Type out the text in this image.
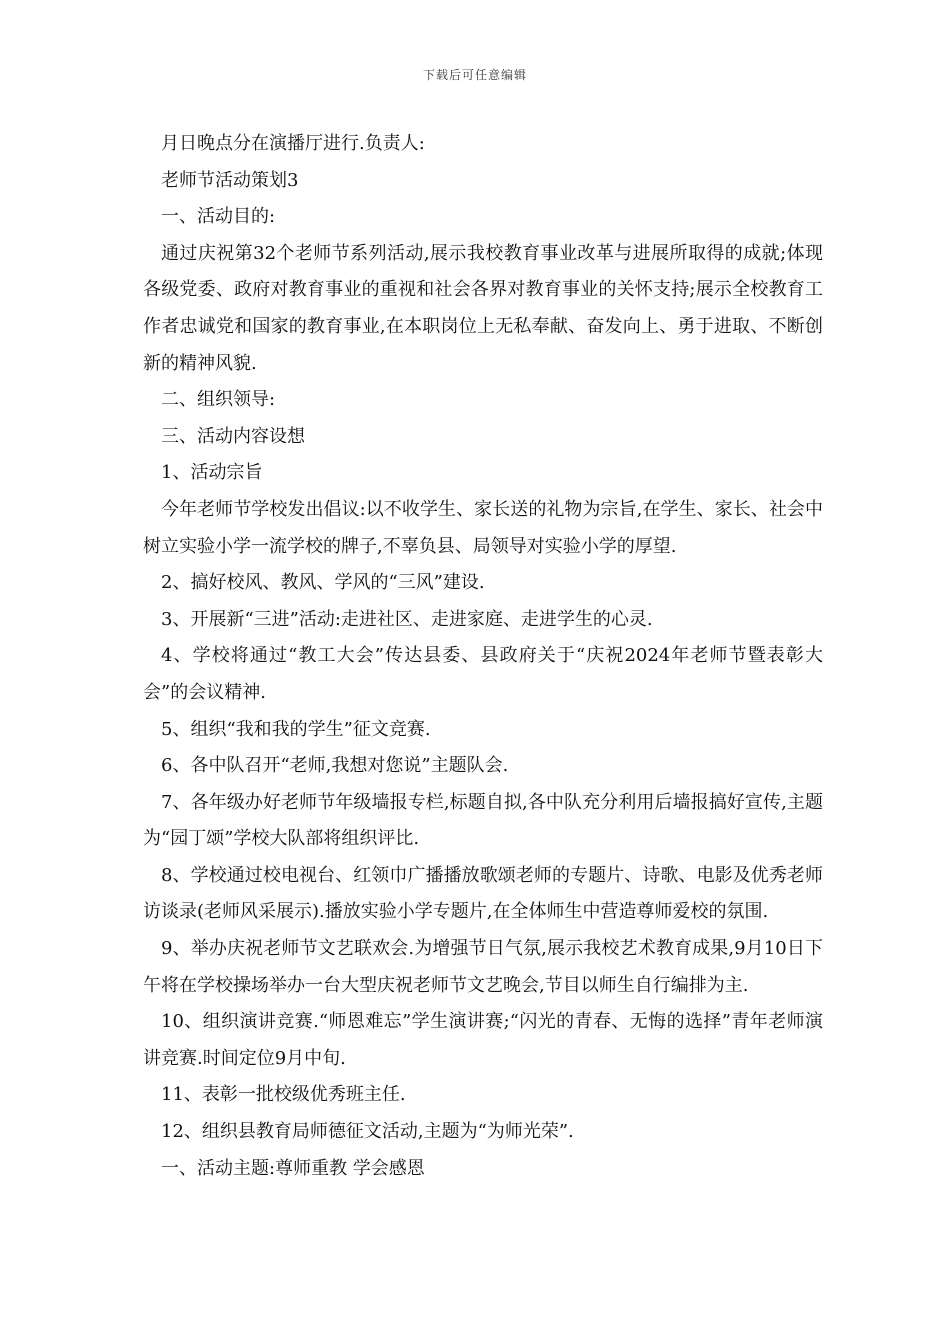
下载后可任意编辑

月日晚点分在演播厅进行.负责人:

老师节活动策划3

一、活动目的:

通过庆祝第32个老师节系列活动,展示我校教育事业改革与进展所取得的成就;体现各级党委、政府对教育事业的重视和社会各界对教育事业的关怀支持;展示全校教育工作者忠诚党和国家的教育事业,在本职岗位上无私奉献、奋发向上、勇于进取、不断创新的精神风貌.

二、组织领导:

三、活动内容设想

1、活动宗旨

今年老师节学校发出倡议:以不收学生、家长送的礼物为宗旨,在学生、家长、社会中树立实验小学一流学校的牌子,不辜负县、局领导对实验小学的厚望.

2、搞好校风、教风、学风的“三风”建设.

3、开展新“三进”活动:走进社区、走进家庭、走进学生的心灵.

4、学校将通过“教工大会”传达县委、县政府关于“庆祝2024年老师节暨表彰大会”的会议精神.

5、组织“我和我的学生”征文竞赛.

6、各中队召开“老师,我想对您说”主题队会.

7、各年级办好老师节年级墙报专栏,标题自拟,各中队充分利用后墙报搞好宣传,主题为“园丁颂”学校大队部将组织评比.

8、学校通过校电视台、红领巾广播播放歌颂老师的专题片、诗歌、电影及优秀老师访谈录(老师风采展示).播放实验小学专题片,在全体师生中营造尊师爱校的氛围.

9、举办庆祝老师节文艺联欢会.为增强节日气氛,展示我校艺术教育成果,9月10日下午将在学校操场举办一台大型庆祝老师节文艺晚会,节目以师生自行编排为主.

10、组织演讲竞赛.“师恩难忘”学生演讲赛;“闪光的青春、无悔的选择”青年老师演讲竞赛.时间定位9月中旬.

11、表彰一批校级优秀班主任.

12、组织县教育局师德征文活动,主题为“为师光荣”.

一、活动主题:尊师重教 学会感恩
